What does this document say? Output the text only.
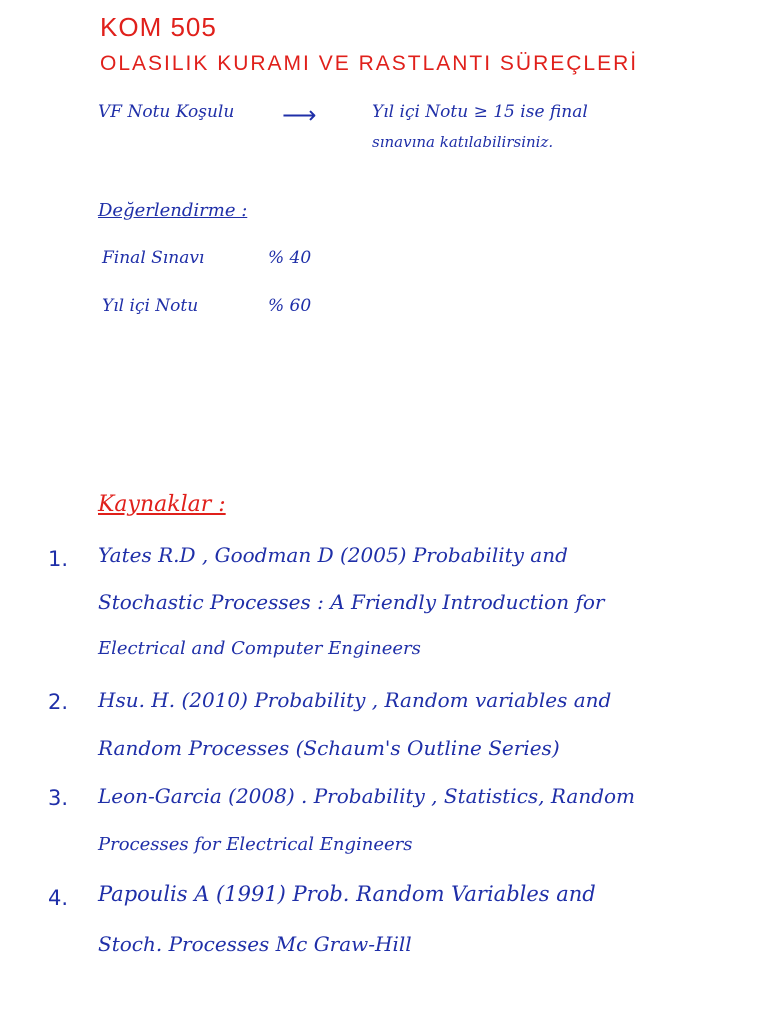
KOM 505
OLASILIK KURAMI VE RASTLANTI SÜREÇLERİ
VF Notu Koşulu ⟶	Yıl içi Notu ≥ 15 ise final
sınavına katılabilirsiniz.
Değerlendirme :
Final Sınavı	% 40
Yıl içi Notu	% 60
Kaynaklar :
1. Yates R.D , Goodman D (2005) Probability and
Stochastic Processes : A Friendly Introduction for
Electrical and Computer Engineers
2. Hsu. H. (2010) Probability , Random variables and
Random Processes (Schaum's Outline Series)
3. Leon-Garcia (2008) . Probability , Statistics, Random
Processes for Electrical Engineers
4. Papoulis A (1991) Prob. Random Variables and
Stoch. Processes Mc Graw-Hill
